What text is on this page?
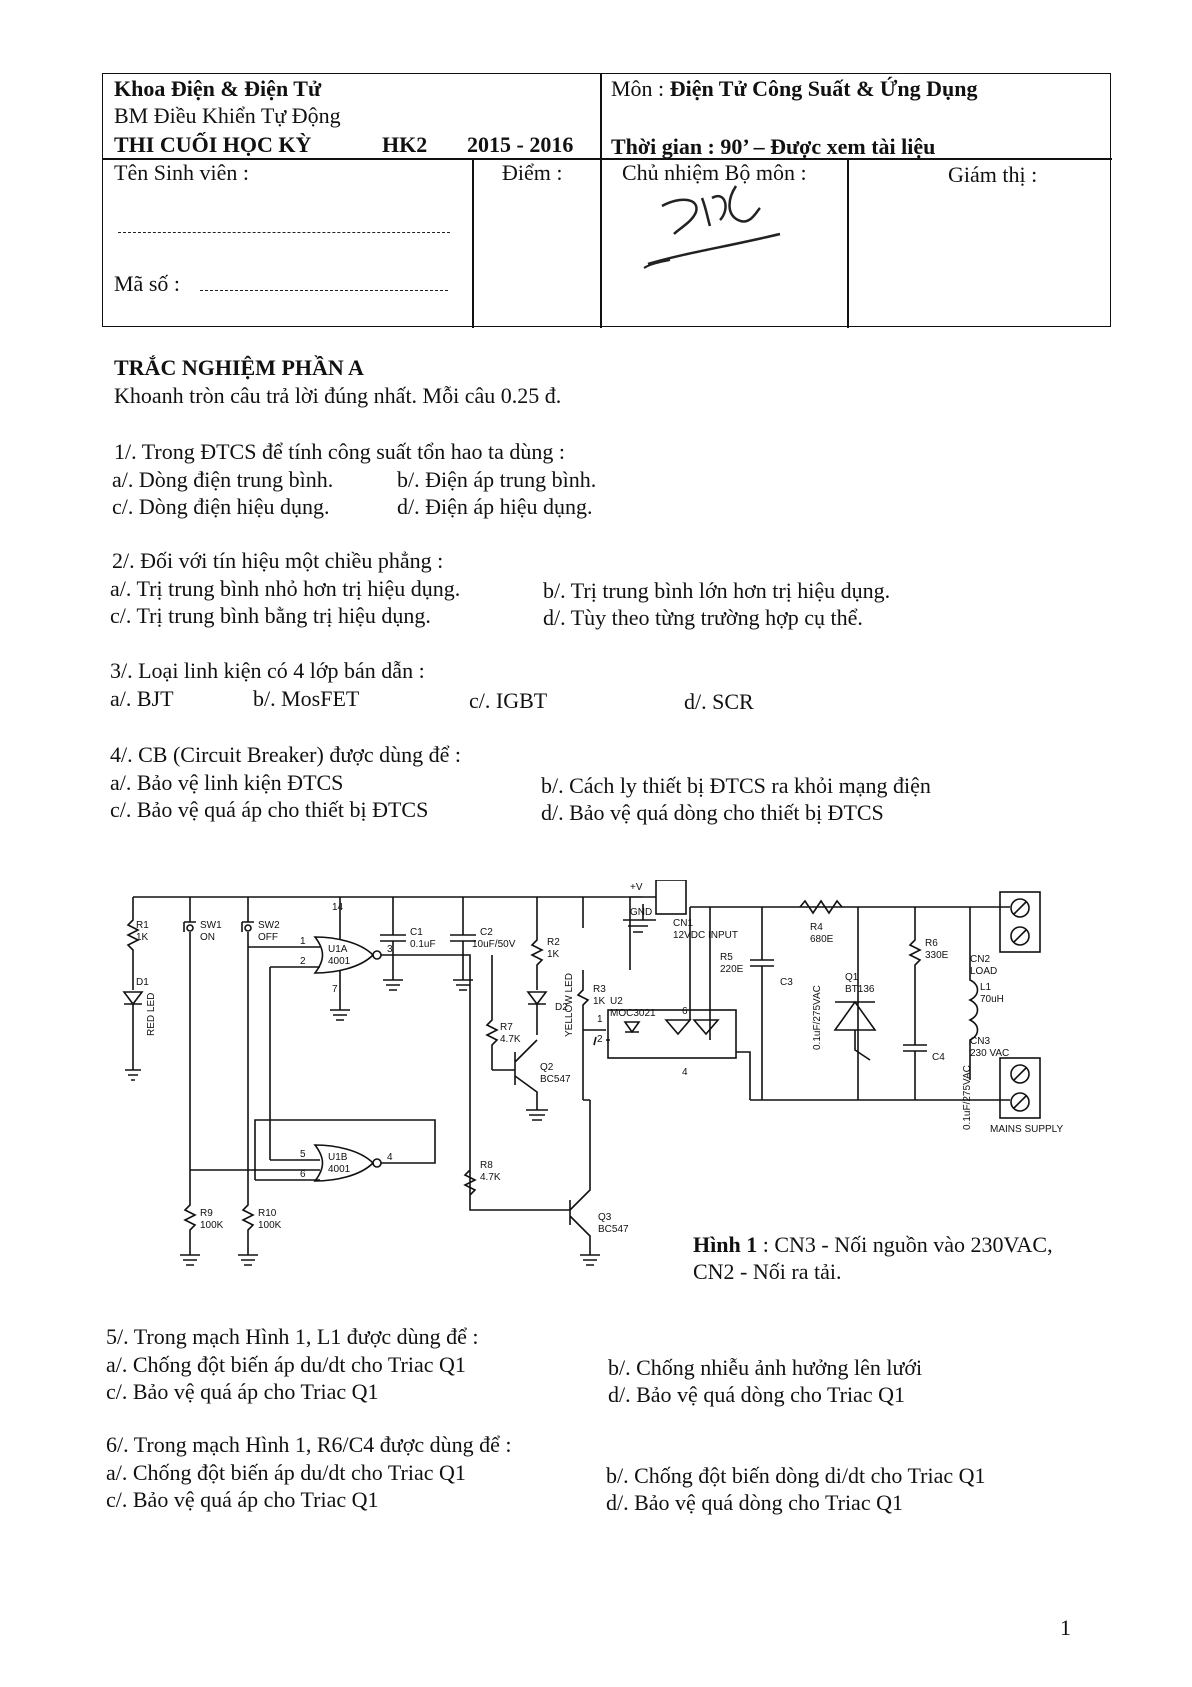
Khoa Điện & Điện Tử
BM Điều Khiển Tự Động
THI CUỐI HỌC KỲ	HK2 2015 - 2016
Môn : Điện Tử Công Suất & Ứng Dụng
Thời gian : 90’ – Được xem tài liệu
Tên Sinh viên :
Mã số :
Điểm :	Chủ nhiệm Bộ môn :	Giám thị :
TRẮC NGHIỆM PHẦN A
Khoanh tròn câu trả lời đúng nhất. Mỗi câu 0.25 đ.
1/. Trong ĐTCS để tính công suất tổn hao ta dùng :
a/. Dòng điện trung bình.	b/. Điện áp trung bình.
c/. Dòng điện hiệu dụng.	d/. Điện áp hiệu dụng.
2/. Đối với tín hiệu một chiều phẳng :
a/. Trị trung bình nhỏ hơn trị hiệu dụng.	b/. Trị trung bình lớn hơn trị hiệu dụng.
c/. Trị trung bình bằng trị hiệu dụng.	d/. Tùy theo từng trường hợp cụ thể.
3/. Loại linh kiện có 4 lớp bán dẫn :
a/. BJT	b/. MosFET	c/. IGBT	d/. SCR
4/. CB (Circuit Breaker) được dùng để :
a/. Bảo vệ linh kiện ĐTCS	b/. Cách ly thiết bị ĐTCS ra khỏi mạng điện
c/. Bảo vệ quá áp cho thiết bị ĐTCS	d/. Bảo vệ quá dòng cho thiết bị ĐTCS
R1
1K
D1
RED LED
SW1
ON
SW2
OFF	C1
0.1uF
C2
10uF/50V	R2
1K
+V
GND
CN1
12VDC INPUT
U1A
4001
U1B
4001
R7
4.7K
D2
YELLOW LED
Q2
BC547
R3
1K U2
MOC3021
R5
220E
R4
680E
C3
0.1uF/275VAC
Q1
BT136
R6
330E
C4
0.1uF/275VAC
L1
70uH
CN2
LOAD
CN3
230 VAC
MAINS SUPPLY
R8
4.7K
Q3
BC547
R9
100K
R10
100K
1
2
3
4
5
6
7
14
1
2
4
6
Hình 1 : CN3 - Nối nguồn vào 230VAC,
CN2 - Nối ra tải.
5/. Trong mạch Hình 1, L1 được dùng để :
a/. Chống đột biến áp du/dt cho Triac Q1	b/. Chống nhiễu ảnh hưởng lên lưới
c/. Bảo vệ quá áp cho Triac Q1	d/. Bảo vệ quá dòng cho Triac Q1
6/. Trong mạch Hình 1, R6/C4 được dùng để :
a/. Chống đột biến áp du/dt cho Triac Q1	b/. Chống đột biến dòng di/dt cho Triac Q1
c/. Bảo vệ quá áp cho Triac Q1	d/. Bảo vệ quá dòng cho Triac Q1
1
